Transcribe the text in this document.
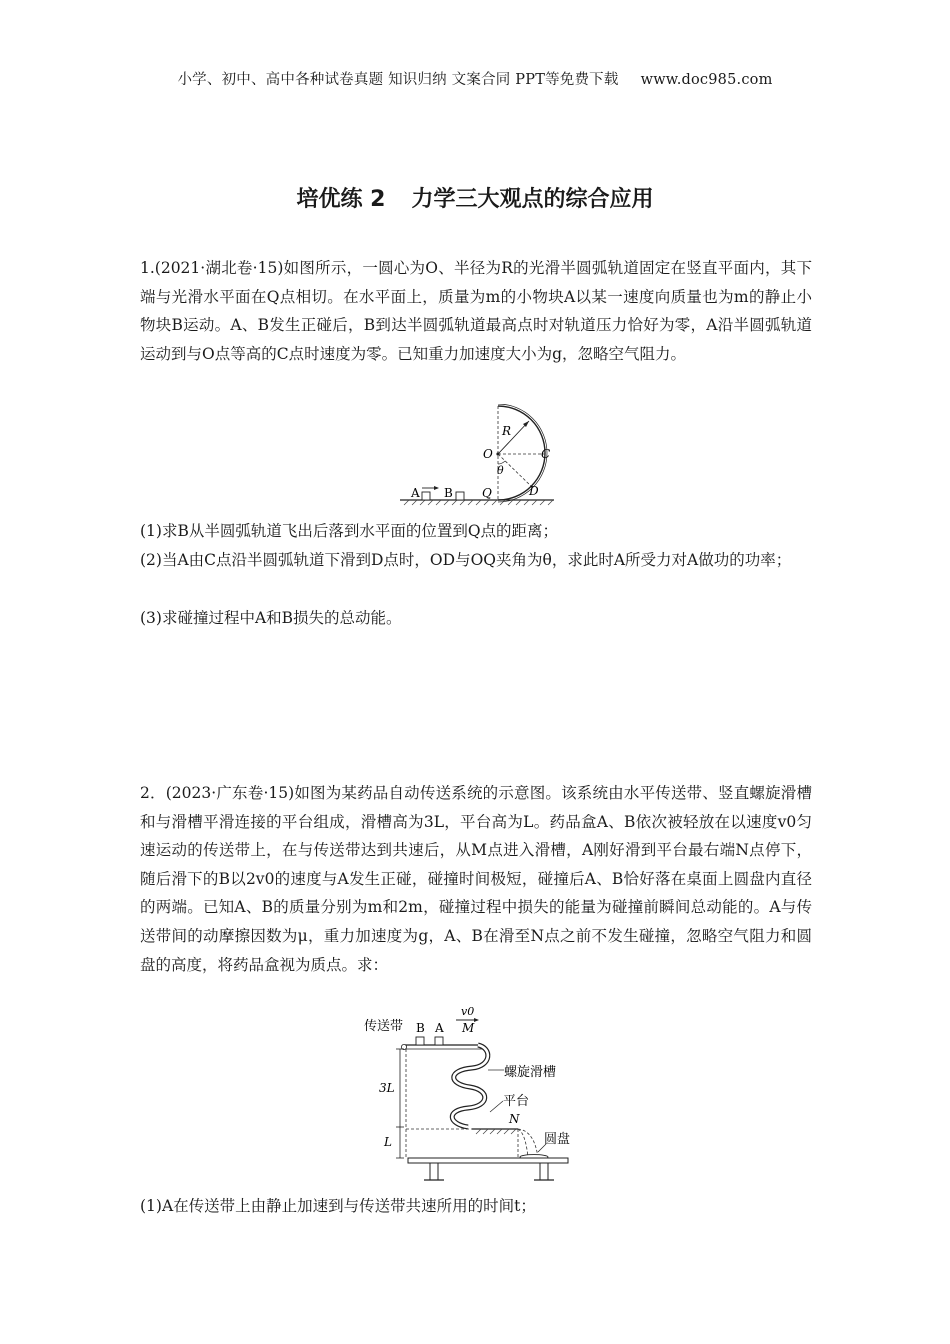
小学、初中、高中各种试卷真题 知识归纳 文案合同 PPT等免费下载 www.doc985.com
培优练 2 力学三大观点的综合应用
1.(2021·湖北卷·15)如图所示，一圆心为O、半径为R的光滑半圆弧轨道固定在竖直平面内，其下端与光滑水平面在Q点相切。在水平面上，质量为m的小物块A以某一速度向质量也为m的静止小物块B运动。A、B发生正碰后，B到达半圆弧轨道最高点时对轨道压力恰好为零，A沿半圆弧轨道运动到与O点等高的C点时速度为零。已知重力加速度大小为g，忽略空气阻力。
R
O	C
θ
Q	D
A B
(1)求B从半圆弧轨道飞出后落到水平面的位置到Q点的距离；
(2)当A由C点沿半圆弧轨道下滑到D点时，OD与OQ夹角为θ，求此时A所受力对A做功的功率；
(3)求碰撞过程中A和B损失的总动能。
2．(2023·广东卷·15)如图为某药品自动传送系统的示意图。该系统由水平传送带、竖直螺旋滑槽和与滑槽平滑连接的平台组成，滑槽高为3L，平台高为L。药品盒A、B依次被轻放在以速度v0匀速运动的传送带上，在与传送带达到共速后，从M点进入滑槽，A刚好滑到平台最右端N点停下，随后滑下的B以2v0的速度与A发生正碰，碰撞时间极短，碰撞后A、B恰好落在桌面上圆盘内直径的两端。已知A、B的质量分别为m和2m，碰撞过程中损失的能量为碰撞前瞬间总动能的。A与传送带间的动摩擦因数为μ，重力加速度为g，A、B在滑至N点之前不发生碰撞，忽略空气阻力和圆盘的高度，将药品盒视为质点。求：
传送带 B A
v0
M
螺旋滑槽
平台
N
圆盘
3L
L
(1)A在传送带上由静止加速到与传送带共速所用的时间t；
